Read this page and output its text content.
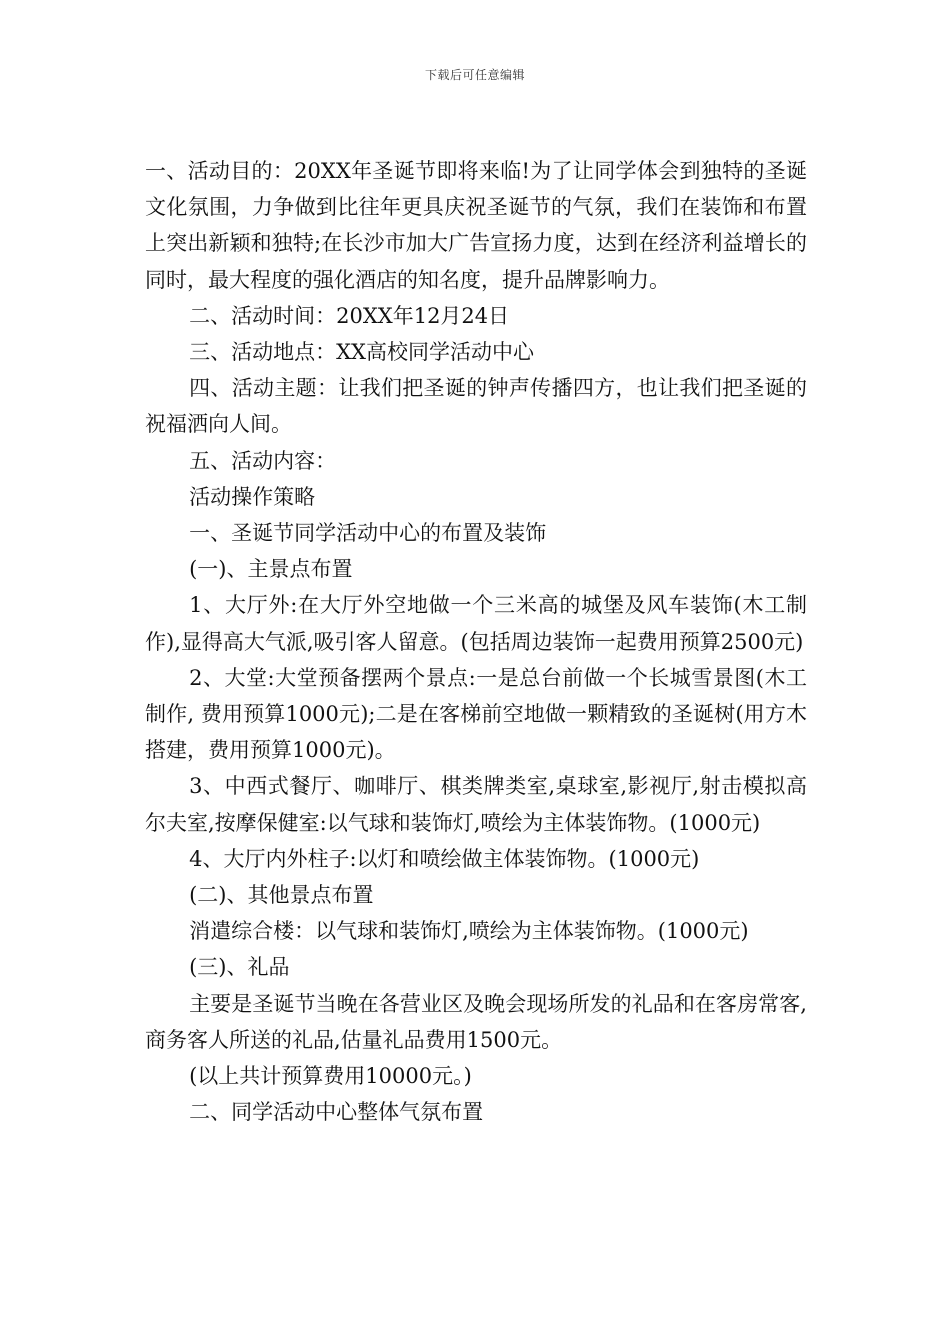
下载后可任意编辑

一、活动目的：20XX年圣诞节即将来临!为了让同学体会到独特的圣诞文化氛围，力争做到比往年更具庆祝圣诞节的气氛，我们在装饰和布置上突出新颖和独特;在长沙市加大广告宣扬力度，达到在经济利益增长的同时，最大程度的强化酒店的知名度，提升品牌影响力。

二、活动时间：20XX年12月24日

三、活动地点：XX高校同学活动中心

四、活动主题：让我们把圣诞的钟声传播四方，也让我们把圣诞的祝福洒向人间。

五、活动内容：

活动操作策略

一、圣诞节同学活动中心的布置及装饰

(一)、主景点布置

1、大厅外:在大厅外空地做一个三米高的城堡及风车装饰(木工制作),显得高大气派,吸引客人留意。(包括周边装饰一起费用预算2500元)

2、大堂:大堂预备摆两个景点:一是总台前做一个长城雪景图(木工制作, 费用预算1000元);二是在客梯前空地做一颗精致的圣诞树(用方木搭建，费用预算1000元)。

3、中西式餐厅、咖啡厅、棋类牌类室,桌球室,影视厅,射击模拟高尔夫室,按摩保健室:以气球和装饰灯,喷绘为主体装饰物。(1000元)

4、大厅内外柱子:以灯和喷绘做主体装饰物。(1000元)

(二)、其他景点布置

消遣综合楼：以气球和装饰灯,喷绘为主体装饰物。(1000元)

(三)、礼品

主要是圣诞节当晚在各营业区及晚会现场所发的礼品和在客房常客,商务客人所送的礼品,估量礼品费用1500元。

(以上共计预算费用10000元。)

二、同学活动中心整体气氛布置
